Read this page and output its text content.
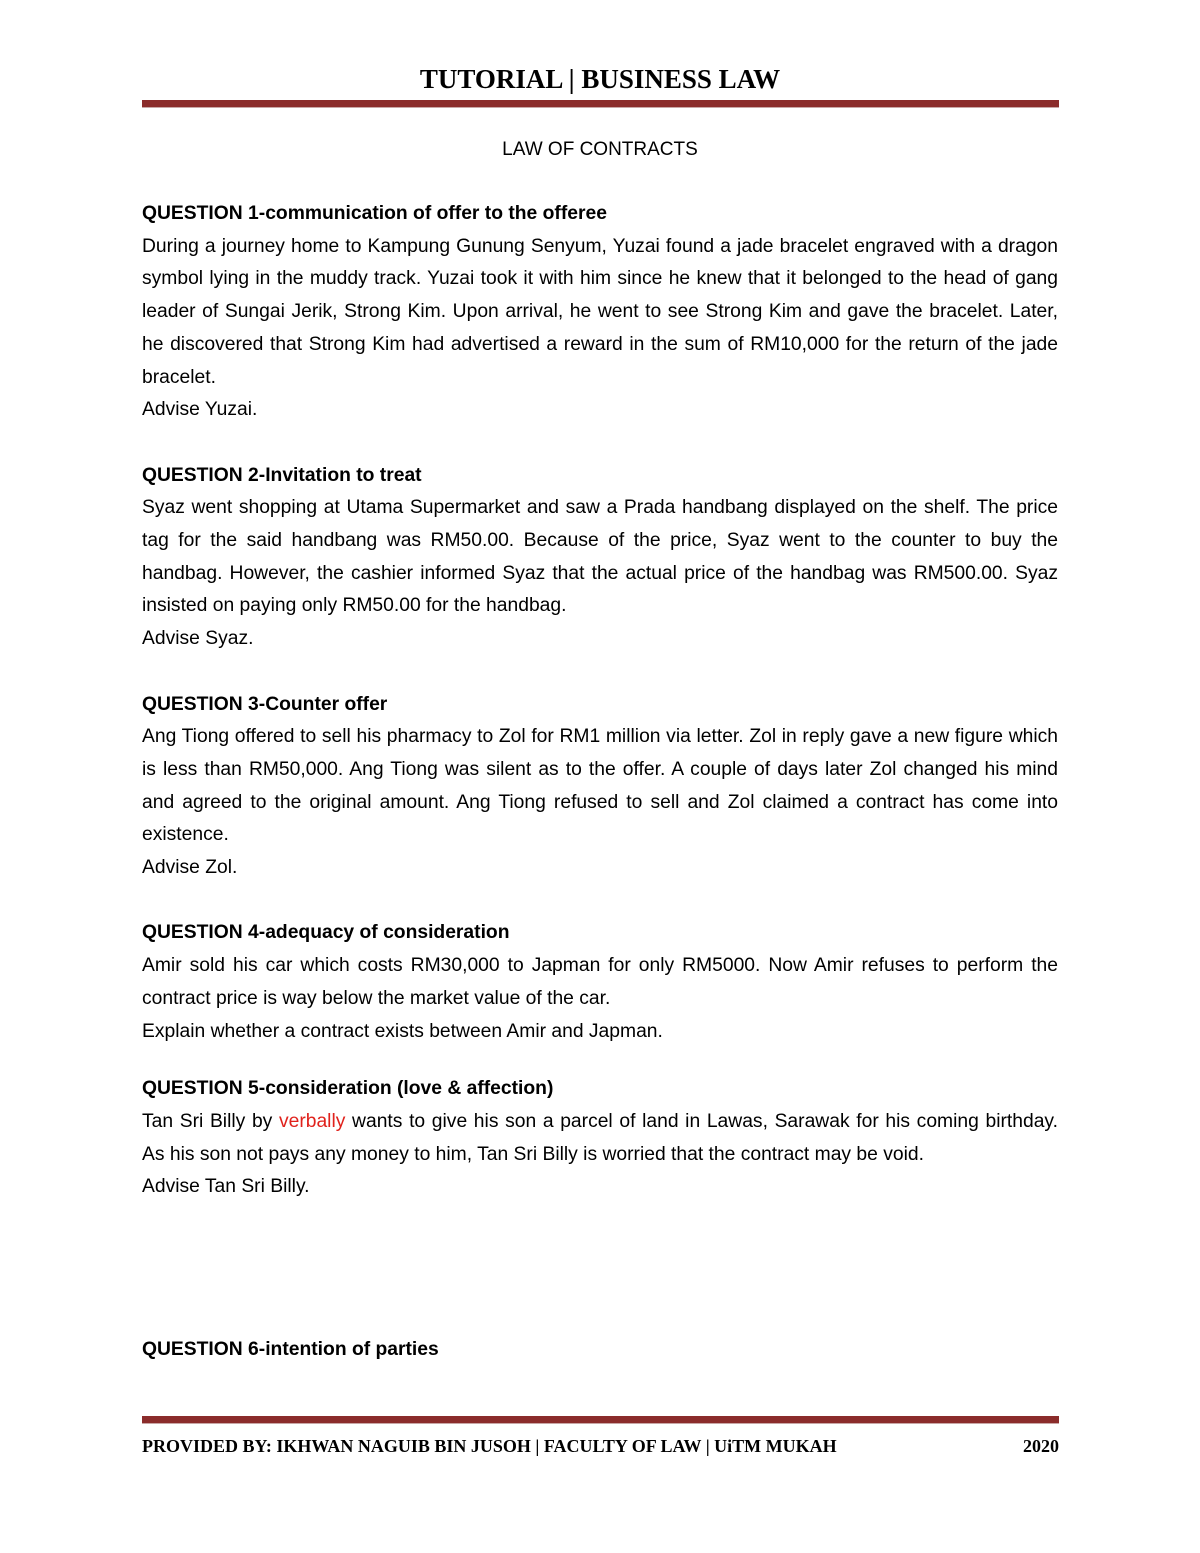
TUTORIAL | BUSINESS LAW
LAW OF CONTRACTS

QUESTION 1-communication of offer to the offeree

During a journey home to Kampung Gunung Senyum, Yuzai found a jade bracelet engraved with a dragon symbol lying in the muddy track. Yuzai took it with him since he knew that it belonged to the head of gang leader of Sungai Jerik, Strong Kim. Upon arrival, he went to see Strong Kim and gave the bracelet. Later, he discovered that Strong Kim had advertised a reward in the sum of RM10,000 for the return of the jade bracelet.

Advise Yuzai.

QUESTION 2-Invitation to treat

Syaz went shopping at Utama Supermarket and saw a Prada handbang displayed on the shelf. The price tag for the said handbang was RM50.00. Because of the price, Syaz went to the counter to buy the handbag. However, the cashier informed Syaz that the actual price of the handbag was RM500.00. Syaz insisted on paying only RM50.00 for the handbag.

Advise Syaz.

QUESTION 3-Counter offer

Ang Tiong offered to sell his pharmacy to Zol for RM1 million via letter. Zol in reply gave a new figure which is less than RM50,000. Ang Tiong was silent as to the offer. A couple of days later Zol changed his mind and agreed to the original amount. Ang Tiong refused to sell and Zol claimed a contract has come into existence.

Advise Zol.

QUESTION 4-adequacy of consideration

Amir sold his car which costs RM30,000 to Japman for only RM5000. Now Amir refuses to perform the contract price is way below the market value of the car.

Explain whether a contract exists between Amir and Japman.

QUESTION 5-consideration (love & affection)

Tan Sri Billy by verbally wants to give his son a parcel of land in Lawas, Sarawak for his coming birthday. As his son not pays any money to him, Tan Sri Billy is worried that the contract may be void.

Advise Tan Sri Billy.

QUESTION 6-intention of parties

PROVIDED BY: IKHWAN NAGUIB BIN JUSOH | FACULTY OF LAW | UiTM MUKAH	2020
